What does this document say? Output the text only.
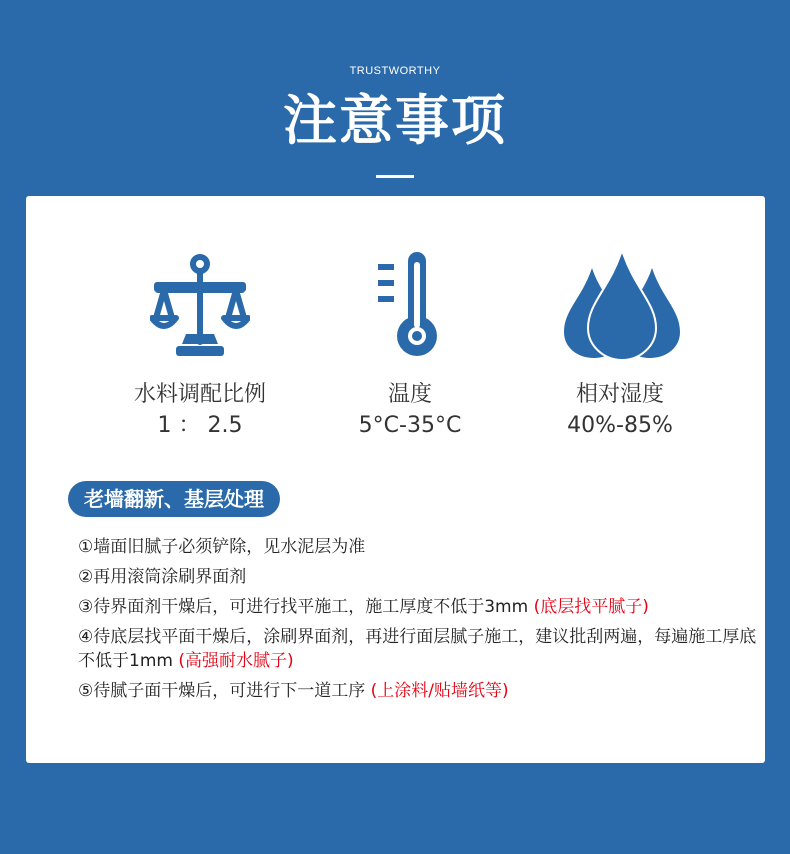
TRUSTWORTHY
注意事项
水料调配比例
1 ： 2.5
温度
5°C-35°C
相对湿度
40%-85%
老墙翻新、基层处理
①墙面旧腻子必须铲除，见水泥层为准
②再用滚筒涂刷界面剂
③待界面剂干燥后，可进行找平施工，施工厚度不低于3mm (底层找平腻子)
④待底层找平面干燥后，涂刷界面剂，再进行面层腻子施工，建议批刮两遍，每遍施工厚底不低于1mm (高强耐水腻子)
⑤待腻子面干燥后，可进行下一道工序 (上涂料/贴墙纸等)
